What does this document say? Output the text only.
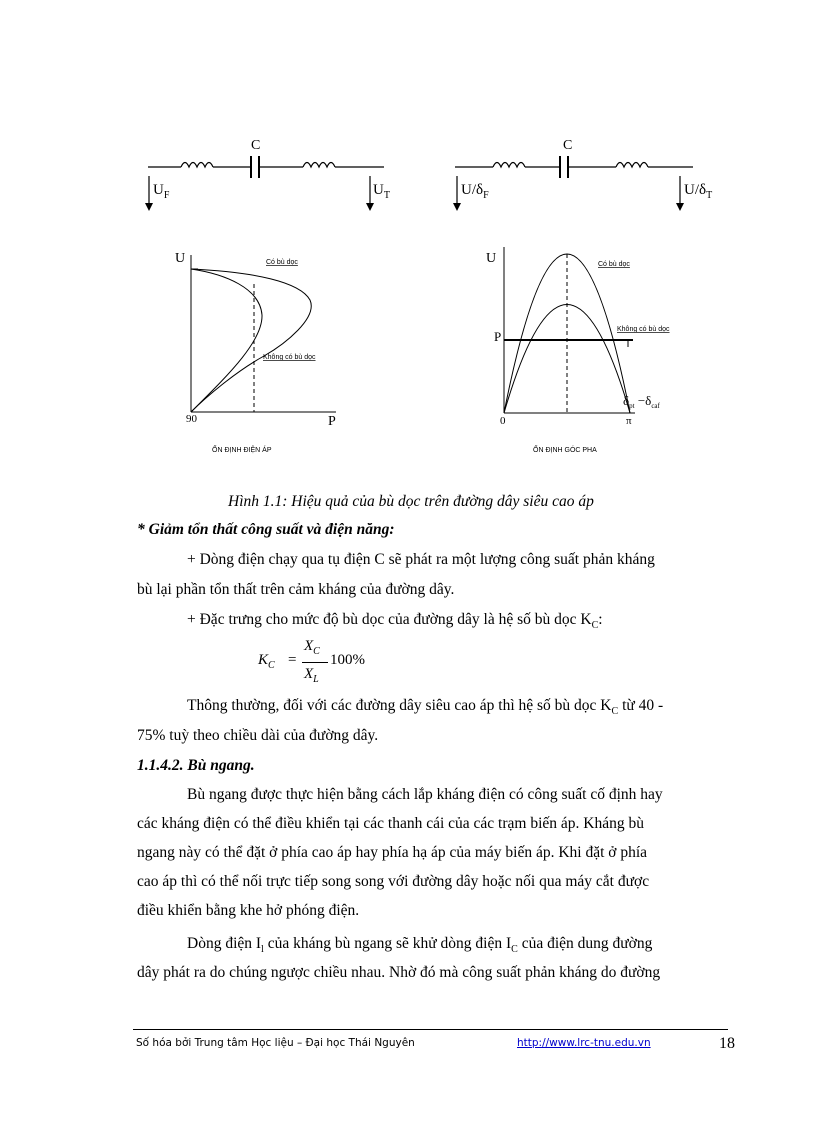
C
$U_F$	$U_T$
C
$U/\delta_F$	$U/\delta_T$
U
P
90
Có bù dọc
Không có bù dọc
ỔN ĐỊNH ĐIỆN ÁP
U
P
0	π
$\delta_{pt} -\delta_{caf}$
Có bù dọc
Không có bù dọc
ỔN ĐỊNH GÓC PHA
Hình 1.1: Hiệu quả của bù dọc trên đường dây siêu cao áp
* Giảm tổn thất công suất và điện năng:
+ Dòng điện chạy qua tụ điện C sẽ phát ra một lượng công suất phản kháng
bù lại phần tổn thất trên cảm kháng của đường dây.
+ Đặc trưng cho mức độ bù dọc của đường dây là hệ số bù dọc $K_C$:
$K_C$ =
$X_C$
$X_L$
100%
Thông thường, đối với các đường dây siêu cao áp thì hệ số bù dọc $K_C$ từ 40 -
75% tuỳ theo chiều dài của đường dây.
1.1.4.2. Bù ngang.
Bù ngang được thực hiện bằng cách lắp kháng điện có công suất cố định hay
các kháng điện có thể điều khiển tại các thanh cái của các trạm biến áp. Kháng bù
ngang này có thể đặt ở phía cao áp hay phía hạ áp của máy biến áp. Khi đặt ở phía
cao áp thì có thể nối trực tiếp song song với đường dây hoặc nối qua máy cắt được
điều khiển bằng khe hở phóng điện.
Dòng điện $I_l$ của kháng bù ngang sẽ khử dòng điện $I_C$ của điện dung đường
dây phát ra do chúng ngược chiều nhau. Nhờ đó mà công suất phản kháng do đường
Số hóa bởi Trung tâm Học liệu – Đại học Thái Nguyên	http://www.lrc-tnu.edu.vn	18
